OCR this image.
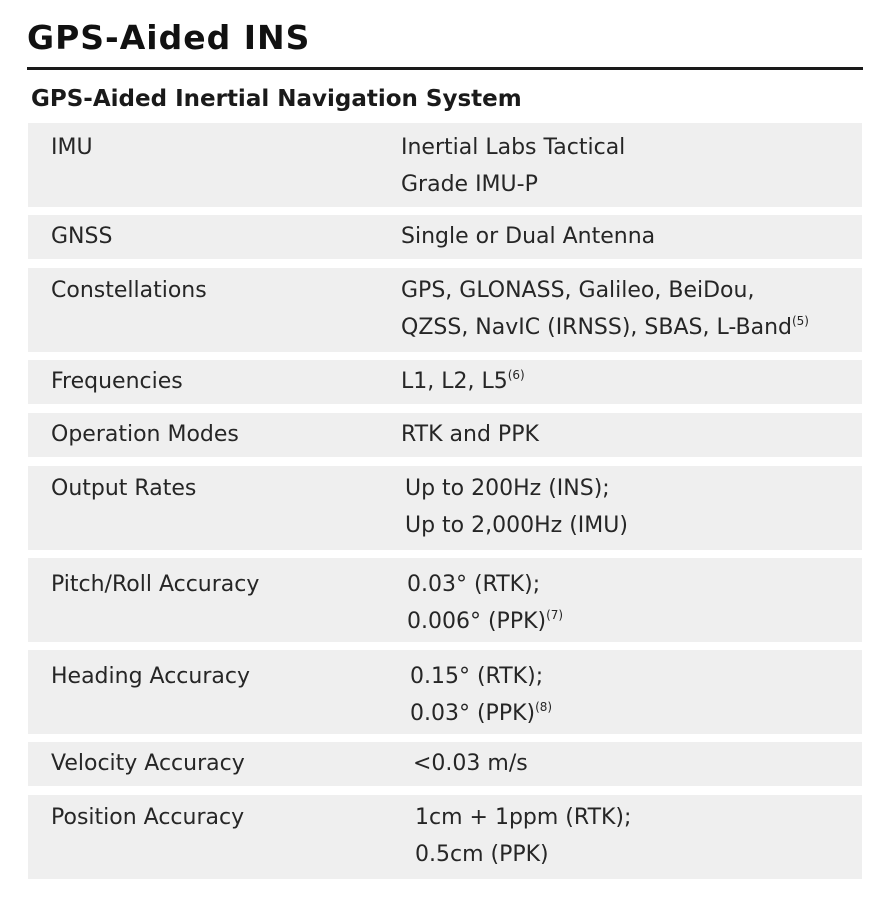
GPS-Aided INS
GPS-Aided Inertial Navigation System
IMU	Inertial Labs Tactical
Grade IMU-P
GNSS	Single or Dual Antenna
Constellations	GPS, GLONASS, Galileo, BeiDou,
QZSS, NavIC (IRNSS), SBAS, L-Band$^{(5)}$
Frequencies	L1, L2, L5$^{(6)}$
Operation Modes	RTK and PPK
Output Rates	Up to 200Hz (INS);
Up to 2,000Hz (IMU)
Pitch/Roll Accuracy	0.03° (RTK);
0.006° (PPK)$^{(7)}$
Heading Accuracy	0.15° (RTK);
0.03° (PPK)$^{(8)}$
Velocity Accuracy	<0.03 m/s
Position Accuracy	1cm + 1ppm (RTK);
0.5cm (PPK)
